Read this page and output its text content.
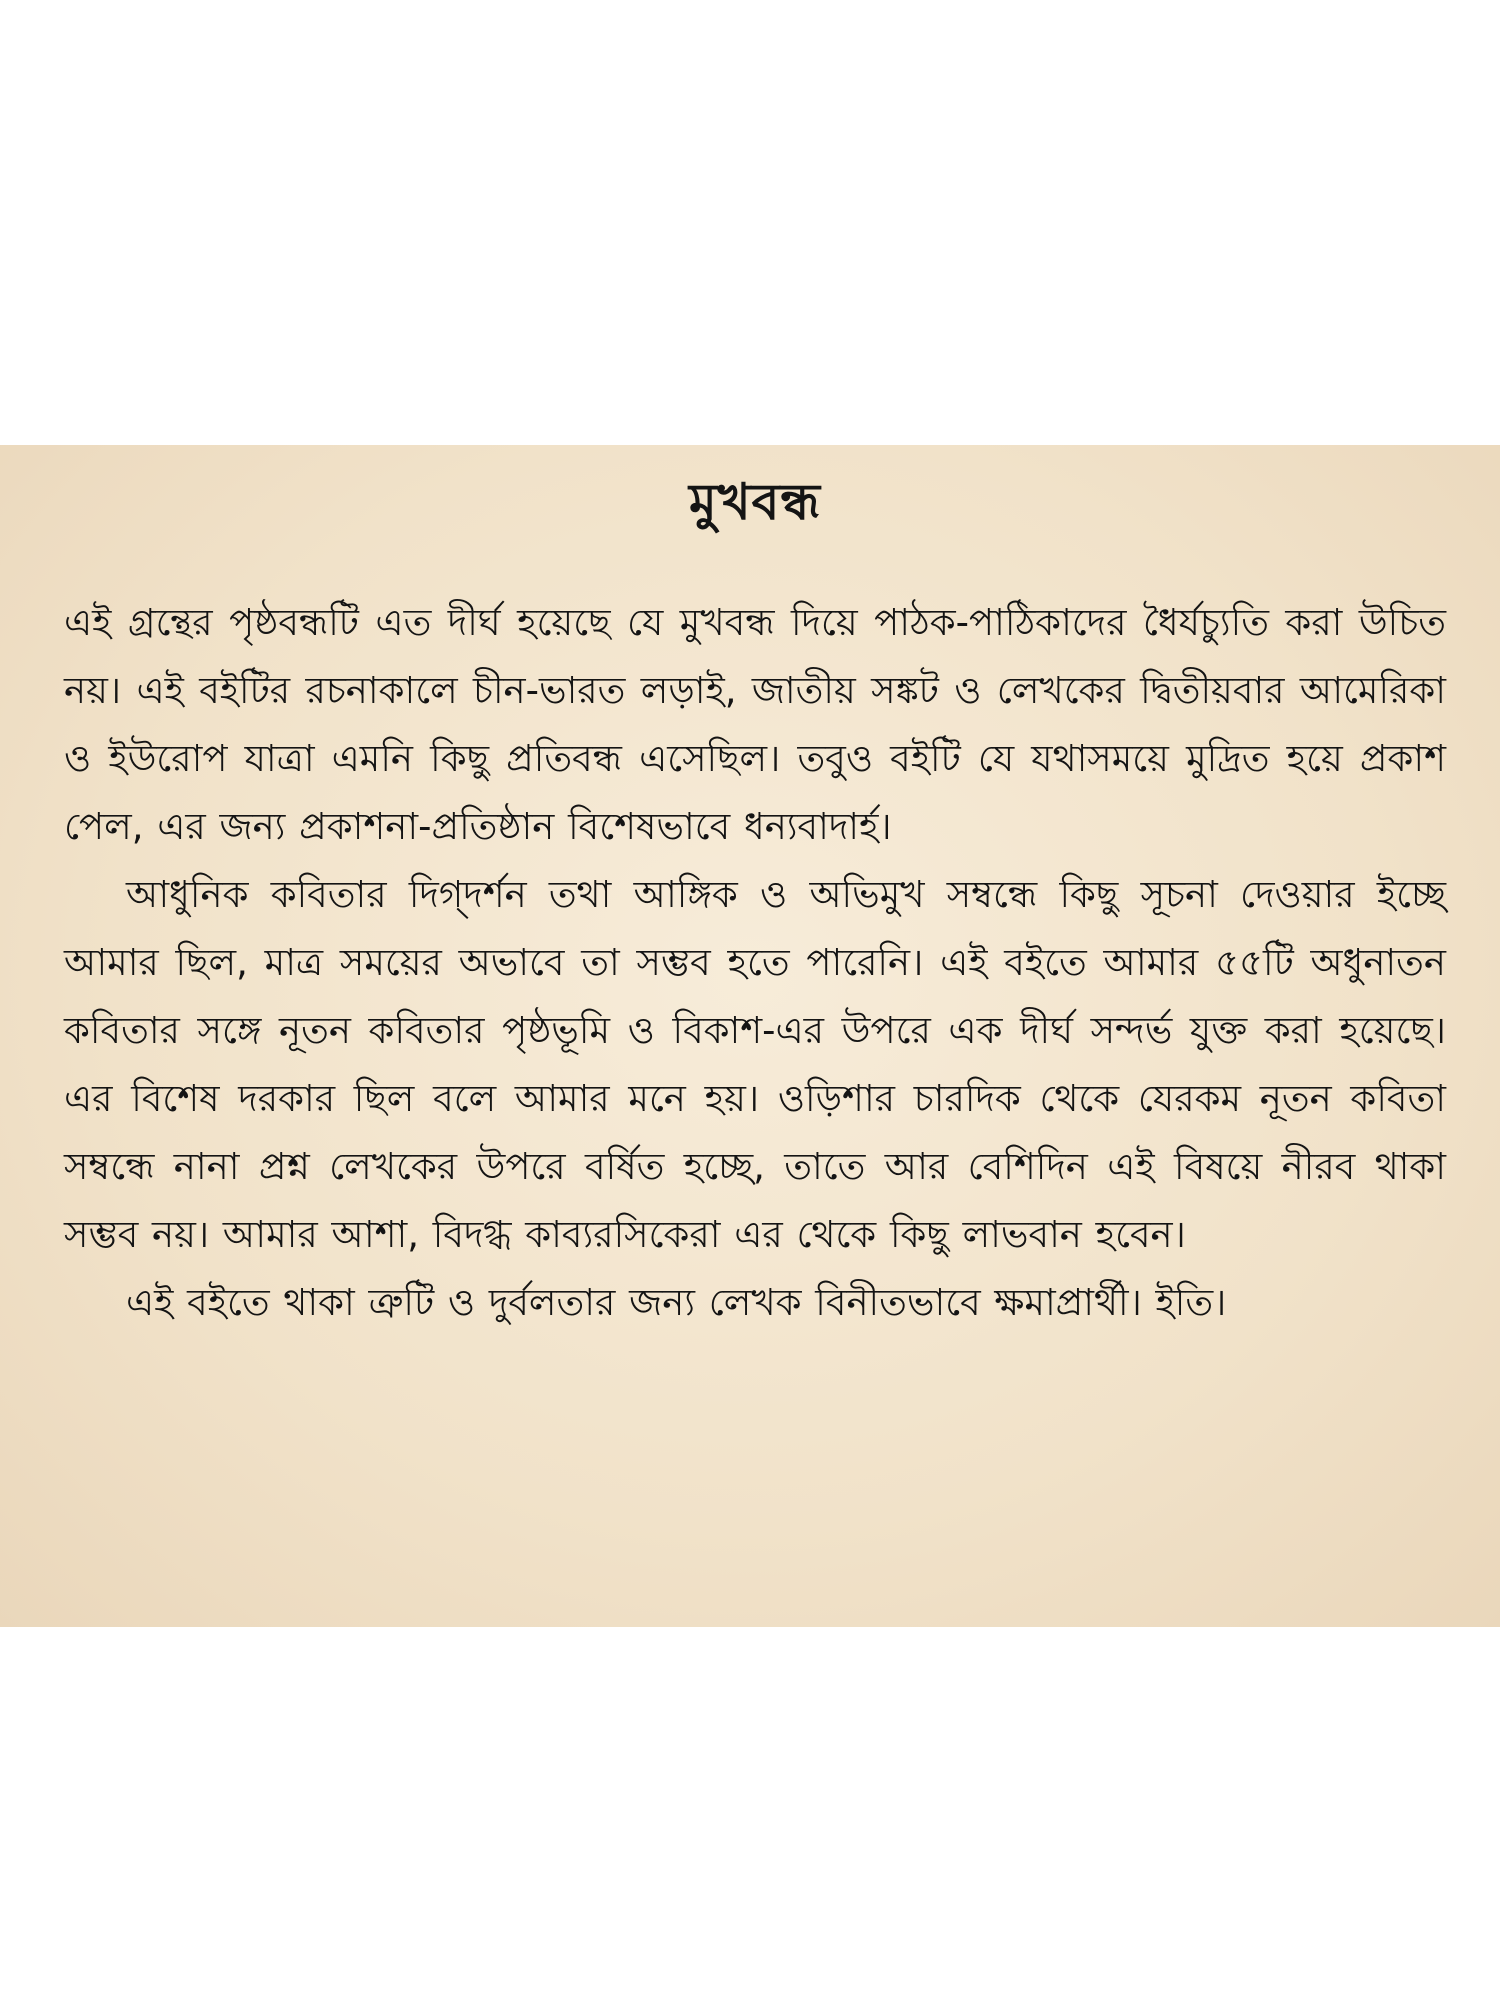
মুখবন্ধ

এই গ্রন্থের পৃষ্ঠবন্ধটি এত দীর্ঘ হয়েছে যে মুখবন্ধ দিয়ে পাঠক-পাঠিকাদের ধৈর্যচ্যুতি করা উচিত নয়। এই বইটির রচনাকালে চীন-ভারত লড়াই, জাতীয় সঙ্কট ও লেখকের দ্বিতীয়বার আমেরিকা ও ইউরোপ যাত্রা এমনি কিছু প্রতিবন্ধ এসেছিল। তবুও বইটি যে যথাসময়ে মুদ্রিত হয়ে প্রকাশ পেল, এর জন্য প্রকাশনা-প্রতিষ্ঠান বিশেষভাবে ধন্যবাদার্হ।

আধুনিক কবিতার দিগ্‌দর্শন তথা আঙ্গিক ও অভিমুখ সম্বন্ধে কিছু সূচনা দেওয়ার ইচ্ছে আমার ছিল, মাত্র সময়ের অভাবে তা সম্ভব হতে পারেনি। এই বইতে আমার ৫৫টি অধুনাতন কবিতার সঙ্গে নূতন কবিতার পৃষ্ঠভূমি ও বিকাশ-এর উপরে এক দীর্ঘ সন্দর্ভ যুক্ত করা হয়েছে। এর বিশেষ দরকার ছিল বলে আমার মনে হয়। ওড়িশার চারদিক থেকে যেরকম নূতন কবিতা সম্বন্ধে নানা প্রশ্ন লেখকের উপরে বর্ষিত হচ্ছে, তাতে আর বেশিদিন এই বিষয়ে নীরব থাকা সম্ভব নয়। আমার আশা, বিদগ্ধ কাব্যরসিকেরা এর থেকে কিছু লাভবান হবেন।

এই বইতে থাকা ত্রুটি ও দুর্বলতার জন্য লেখক বিনীতভাবে ক্ষমাপ্রার্থী। ইতি।
